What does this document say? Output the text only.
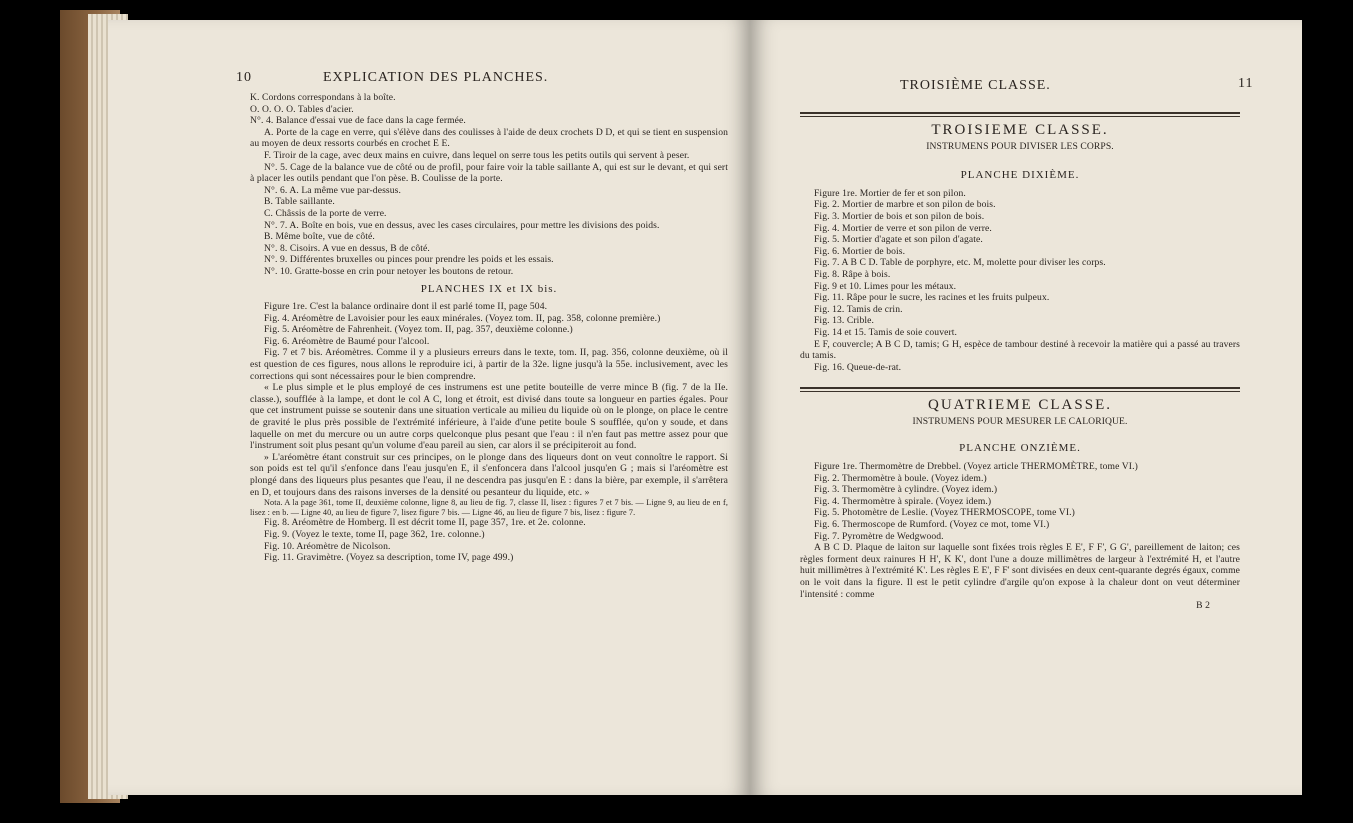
10	EXPLICATION DES PLANCHES.

K. Cordons correspondans à la boîte.

O. O. O. O. Tables d'acier.

N°. 4. Balance d'essai vue de face dans la cage fermée.

A. Porte de la cage en verre, qui s'élève dans des coulisses à l'aide de deux crochets D D, et qui se tient en suspension au moyen de deux ressorts courbés en crochet E E.

F. Tiroir de la cage, avec deux mains en cuivre, dans lequel on serre tous les petits outils qui servent à peser.

N°. 5. Cage de la balance vue de côté ou de profil, pour faire voir la table saillante A, qui est sur le devant, et qui sert à placer les outils pendant que l'on pèse. B. Coulisse de la porte.

N°. 6. A. La même vue par-dessus.

B. Table saillante.

C. Châssis de la porte de verre.

N°. 7. A. Boîte en bois, vue en dessus, avec les cases circulaires, pour mettre les divisions des poids.

B. Même boîte, vue de côté.

N°. 8. Cisoirs. A vue en dessus, B de côté.

N°. 9. Différentes bruxelles ou pinces pour prendre les poids et les essais.

N°. 10. Gratte-bosse en crin pour netoyer les boutons de retour.

PLANCHES IX et IX bis.

Figure 1re. C'est la balance ordinaire dont il est parlé tome II, page 504.

Fig. 4. Aréomètre de Lavoisier pour les eaux minérales. (Voyez tom. II, pag. 358, colonne première.)

Fig. 5. Aréomètre de Fahrenheit. (Voyez tom. II, pag. 357, deuxième colonne.)

Fig. 6. Aréomètre de Baumé pour l'alcool.

Fig. 7 et 7 bis. Aréomètres. Comme il y a plusieurs erreurs dans le texte, tom. II, pag. 356, colonne deuxième, où il est question de ces figures, nous allons le reproduire ici, à partir de la 32e. ligne jusqu'à la 55e. inclusivement, avec les corrections qui sont nécessaires pour le bien comprendre.

« Le plus simple et le plus employé de ces instrumens est une petite bouteille de verre mince B (fig. 7 de la IIe. classe.), soufflée à la lampe, et dont le col A C, long et étroit, est divisé dans toute sa longueur en parties égales. Pour que cet instrument puisse se soutenir dans une situation verticale au milieu du liquide où on le plonge, on place le centre de gravité le plus près possible de l'extrémité inférieure, à l'aide d'une petite boule S soufflée, qu'on y soude, et dans laquelle on met du mercure ou un autre corps quelconque plus pesant que l'eau : il n'en faut pas mettre assez pour que l'instrument soit plus pesant qu'un volume d'eau pareil au sien, car alors il se précipiteroit au fond.

» L'aréomètre étant construit sur ces principes, on le plonge dans des liqueurs dont on veut connoître le rapport. Si son poids est tel qu'il s'enfonce dans l'eau jusqu'en E, il s'enfoncera dans l'alcool jusqu'en G ; mais si l'aréomètre est plongé dans des liqueurs plus pesantes que l'eau, il ne descendra pas jusqu'en E : dans la bière, par exemple, il s'arrêtera en D, et toujours dans des raisons inverses de la densité ou pesanteur du liquide, etc. »

Nota. A la page 361, tome II, deuxième colonne, ligne 8, au lieu de fig. 7, classe II, lisez : figures 7 et 7 bis. — Ligne 9, au lieu de en f, lisez : en b. — Ligne 40, au lieu de figure 7, lisez figure 7 bis. — Ligne 46, au lieu de figure 7 bis, lisez : figure 7.

Fig. 8. Aréomètre de Homberg. Il est décrit tome II, page 357, 1re. et 2e. colonne.

Fig. 9. (Voyez le texte, tome II, page 362, 1re. colonne.)

Fig. 10. Aréomètre de Nicolson.

Fig. 11. Gravimètre. (Voyez sa description, tome IV, page 499.)

TROISIÈME CLASSE.	11

TROISIEME CLASSE.

INSTRUMENS POUR DIVISER LES CORPS.

PLANCHE DIXIÈME.

Figure 1re. Mortier de fer et son pilon.

Fig. 2. Mortier de marbre et son pilon de bois.

Fig. 3. Mortier de bois et son pilon de bois.

Fig. 4. Mortier de verre et son pilon de verre.

Fig. 5. Mortier d'agate et son pilon d'agate.

Fig. 6. Mortier de bois.

Fig. 7. A B C D. Table de porphyre, etc. M, molette pour diviser les corps.

Fig. 8. Râpe à bois.

Fig. 9 et 10. Limes pour les métaux.

Fig. 11. Râpe pour le sucre, les racines et les fruits pulpeux.

Fig. 12. Tamis de crin.

Fig. 13. Crible.

Fig. 14 et 15. Tamis de soie couvert.

E F, couvercle; A B C D, tamis; G H, espèce de tambour destiné à recevoir la matière qui a passé au travers du tamis.

Fig. 16. Queue-de-rat.

QUATRIEME CLASSE.

INSTRUMENS POUR MESURER LE CALORIQUE.

PLANCHE ONZIÈME.

Figure 1re. Thermomètre de Drebbel. (Voyez article THERMOMÈTRE, tome VI.)

Fig. 2. Thermomètre à boule. (Voyez idem.)

Fig. 3. Thermomètre à cylindre. (Voyez idem.)

Fig. 4. Thermomètre à spirale. (Voyez idem.)

Fig. 5. Photomètre de Leslie. (Voyez THERMOSCOPE, tome VI.)

Fig. 6. Thermoscope de Rumford. (Voyez ce mot, tome VI.)

Fig. 7. Pyromètre de Wedgwood.

A B C D. Plaque de laiton sur laquelle sont fixées trois règles E E', F F', G G', pareillement de laiton; ces règles forment deux rainures H H', K K', dont l'une a douze millimètres de largeur à l'extrémité H, et l'autre huit millimètres à l'extrémité K'. Les règles E E', F F' sont divisées en deux cent-quarante degrés égaux, comme on le voit dans la figure. Il est le petit cylindre d'argile qu'on expose à la chaleur dont on veut déterminer l'intensité : comme

B 2
